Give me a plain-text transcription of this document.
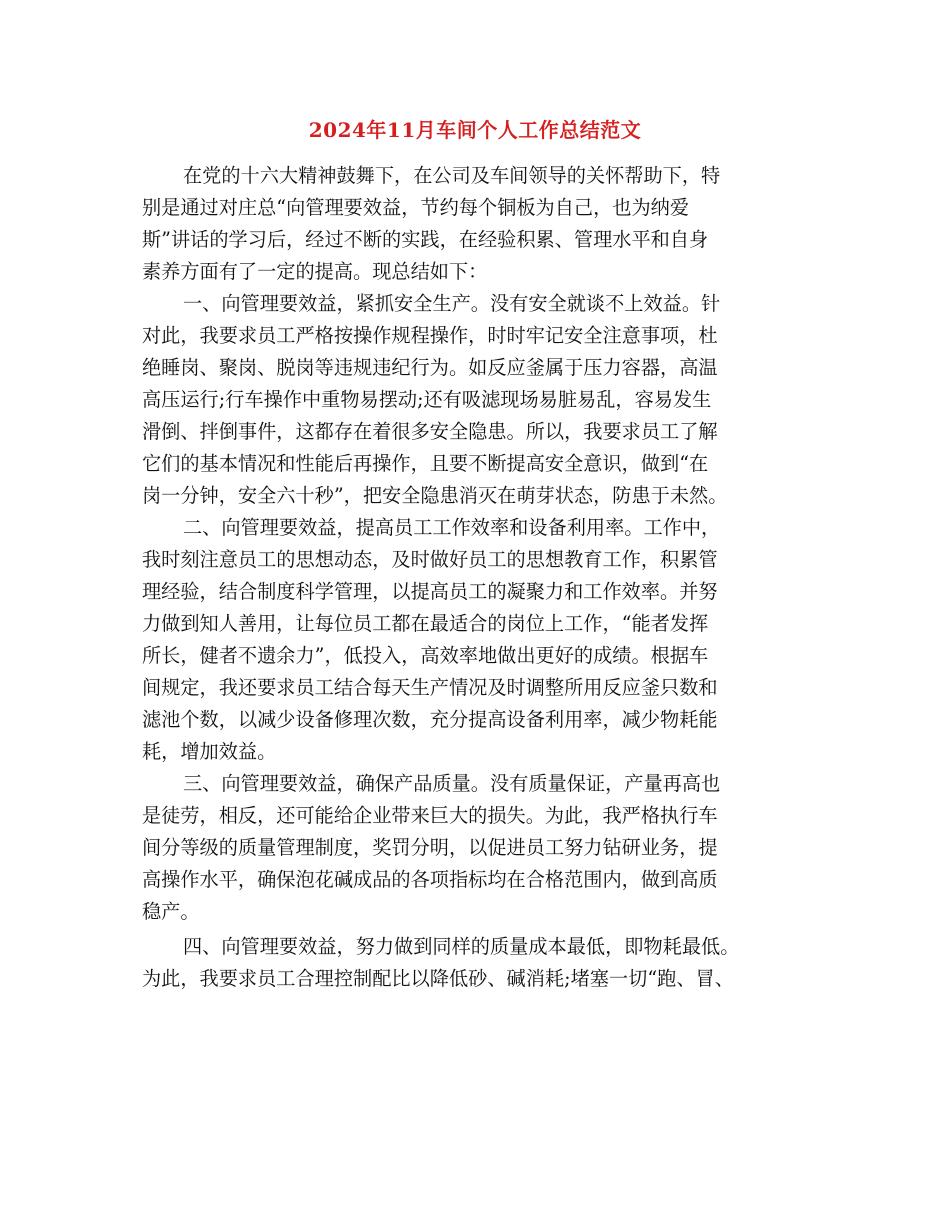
2024年11月车间个人工作总结范文
在党的十六大精神鼓舞下，在公司及车间领导的关怀帮助下，特
别是通过对庄总“向管理要效益，节约每个铜板为自己，也为纳爱
斯”讲话的学习后，经过不断的实践，在经验积累、管理水平和自身
素养方面有了一定的提高。现总结如下：
一、向管理要效益，紧抓安全生产。没有安全就谈不上效益。针
对此，我要求员工严格按操作规程操作，时时牢记安全注意事项，杜
绝睡岗、聚岗、脱岗等违规违纪行为。如反应釜属于压力容器，高温
高压运行;行车操作中重物易摆动;还有吸滤现场易脏易乱，容易发生
滑倒、拌倒事件，这都存在着很多安全隐患。所以，我要求员工了解
它们的基本情况和性能后再操作，且要不断提高安全意识，做到“在
岗一分钟，安全六十秒”，把安全隐患消灭在萌芽状态，防患于未然。
二、向管理要效益，提高员工工作效率和设备利用率。工作中，
我时刻注意员工的思想动态，及时做好员工的思想教育工作，积累管
理经验，结合制度科学管理，以提高员工的凝聚力和工作效率。并努
力做到知人善用，让每位员工都在最适合的岗位上工作，“能者发挥
所长，健者不遗余力”，低投入，高效率地做出更好的成绩。根据车
间规定，我还要求员工结合每天生产情况及时调整所用反应釜只数和
滤池个数，以减少设备修理次数，充分提高设备利用率，减少物耗能
耗，增加效益。
三、向管理要效益，确保产品质量。没有质量保证，产量再高也
是徒劳，相反，还可能给企业带来巨大的损失。为此，我严格执行车
间分等级的质量管理制度，奖罚分明，以促进员工努力钻研业务，提
高操作水平，确保泡花碱成品的各项指标均在合格范围内，做到高质
稳产。
四、向管理要效益，努力做到同样的质量成本最低，即物耗最低。
为此，我要求员工合理控制配比以降低砂、碱消耗;堵塞一切“跑、冒、
